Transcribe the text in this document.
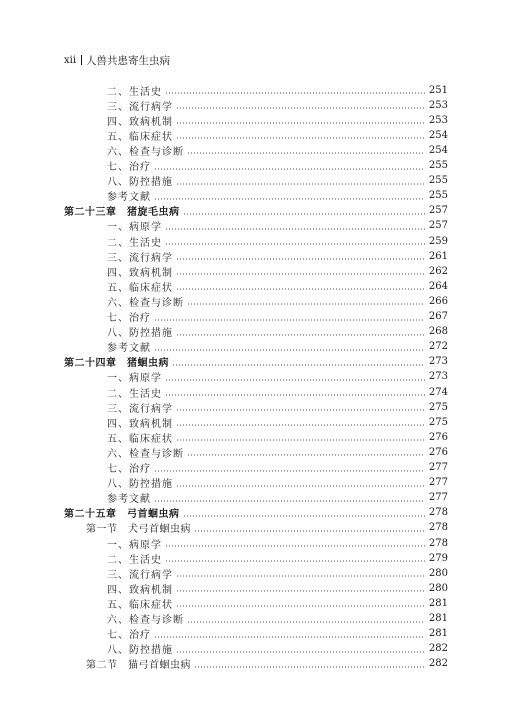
xii 人兽共患寄生虫病
二、生活史	251
三、流行病学	253
四、致病机制	253
五、临床症状	254
六、检查与诊断	254
七、治疗	255
八、防控措施	255
参考文献	255
第二十三章　猪旋毛虫病	257
一、病原学	257
二、生活史	259
三、流行病学	261
四、致病机制	262
五、临床症状	264
六、检查与诊断	266
七、治疗	267
八、防控措施	268
参考文献	272
第二十四章　猪蛔虫病	273
一、病原学	273
二、生活史	274
三、流行病学	275
四、致病机制	275
五、临床症状	276
六、检查与诊断	276
七、治疗	277
八、防控措施	277
参考文献	277
第二十五章　弓首蛔虫病	278
第一节　犬弓首蛔虫病	278
一、病原学	278
二、生活史	279
三、流行病学	280
四、致病机制	280
五、临床症状	281
六、检查与诊断	281
七、治疗	281
八、防控措施	282
第二节　猫弓首蛔虫病	282
